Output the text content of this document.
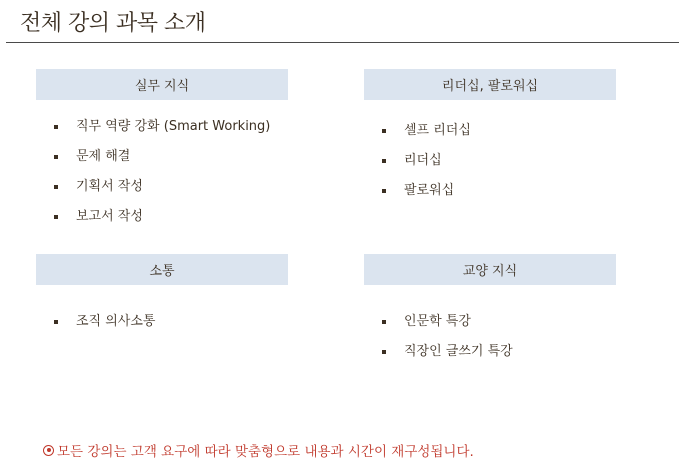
전체 강의 과목 소개
실무 지식
직무 역량 강화 (Smart Working)
문제 해결
기획서 작성
보고서 작성
리더십, 팔로워십
셀프 리더십
리더십
팔로워십
소통
조직 의사소통
교양 지식
인문학 특강
직장인 글쓰기 특강
모든 강의는 고객 요구에 따라 맞춤형으로 내용과 시간이 재구성됩니다.
